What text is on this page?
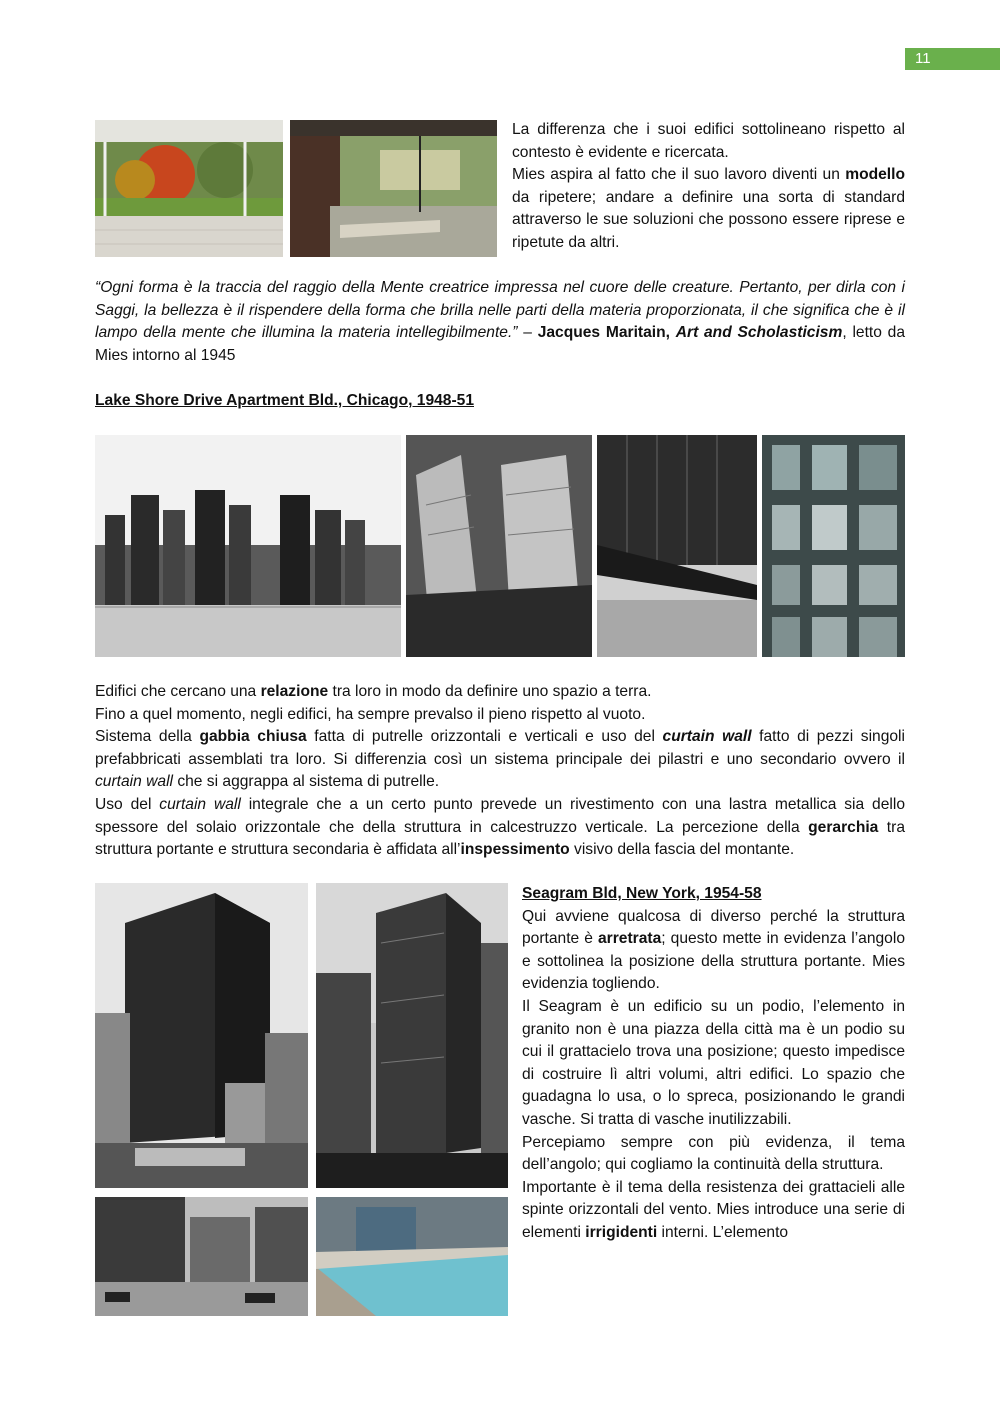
11

La differenza che i suoi edifici sottolineano rispetto al contesto è evidente e ricercata.

Mies aspira al fatto che il suo lavoro diventi un modello da ripetere; andare a definire una sorta di standard attraverso le sue soluzioni che possono essere riprese e ripetute da altri.

“Ogni forma è la traccia del raggio della Mente creatrice impressa nel cuore delle creature. Pertanto, per dirla con i Saggi, la bellezza è il rispendere della forma che brilla nelle parti della materia proporzionata, il che significa che è il lampo della mente che illumina la materia intellegibilmente.” – Jacques Maritain, Art and Scholasticism, letto da Mies intorno al 1945

Lake Shore Drive Apartment Bld., Chicago, 1948-51

Edifici che cercano una relazione tra loro in modo da definire uno spazio a terra.

Fino a quel momento, negli edifici, ha sempre prevalso il pieno rispetto al vuoto.

Sistema della gabbia chiusa fatta di putrelle orizzontali e verticali e uso del curtain wall fatto di pezzi singoli prefabbricati assemblati tra loro. Si differenzia così un sistema principale dei pilastri e uno secondario ovvero il curtain wall che si aggrappa al sistema di putrelle.

Uso del curtain wall integrale che a un certo punto prevede un rivestimento con una lastra metallica sia dello spessore del solaio orizzontale che della struttura in calcestruzzo verticale. La percezione della gerarchia tra struttura portante e struttura secondaria è affidata all’inspessimento visivo della fascia del montante.

Seagram Bld, New York, 1954-58

Qui avviene qualcosa di diverso perché la struttura portante è arretrata; questo mette in evidenza l’angolo e sottolinea la posizione della struttura portante. Mies evidenzia togliendo.

Il Seagram è un edificio su un podio, l’elemento in granito non è una piazza della città ma è un podio su cui il grattacielo trova una posizione; questo impedisce di costruire lì altri volumi, altri edifici. Lo spazio che guadagna lo usa, o lo spreca, posizionando le grandi vasche. Si tratta di vasche inutilizzabili.

Percepiamo sempre con più evidenza, il tema dell’angolo; qui cogliamo la continuità della struttura.

Importante è il tema della resistenza dei grattacieli alle spinte orizzontali del vento. Mies introduce una serie di elementi irrigidenti interni. L’elemento
